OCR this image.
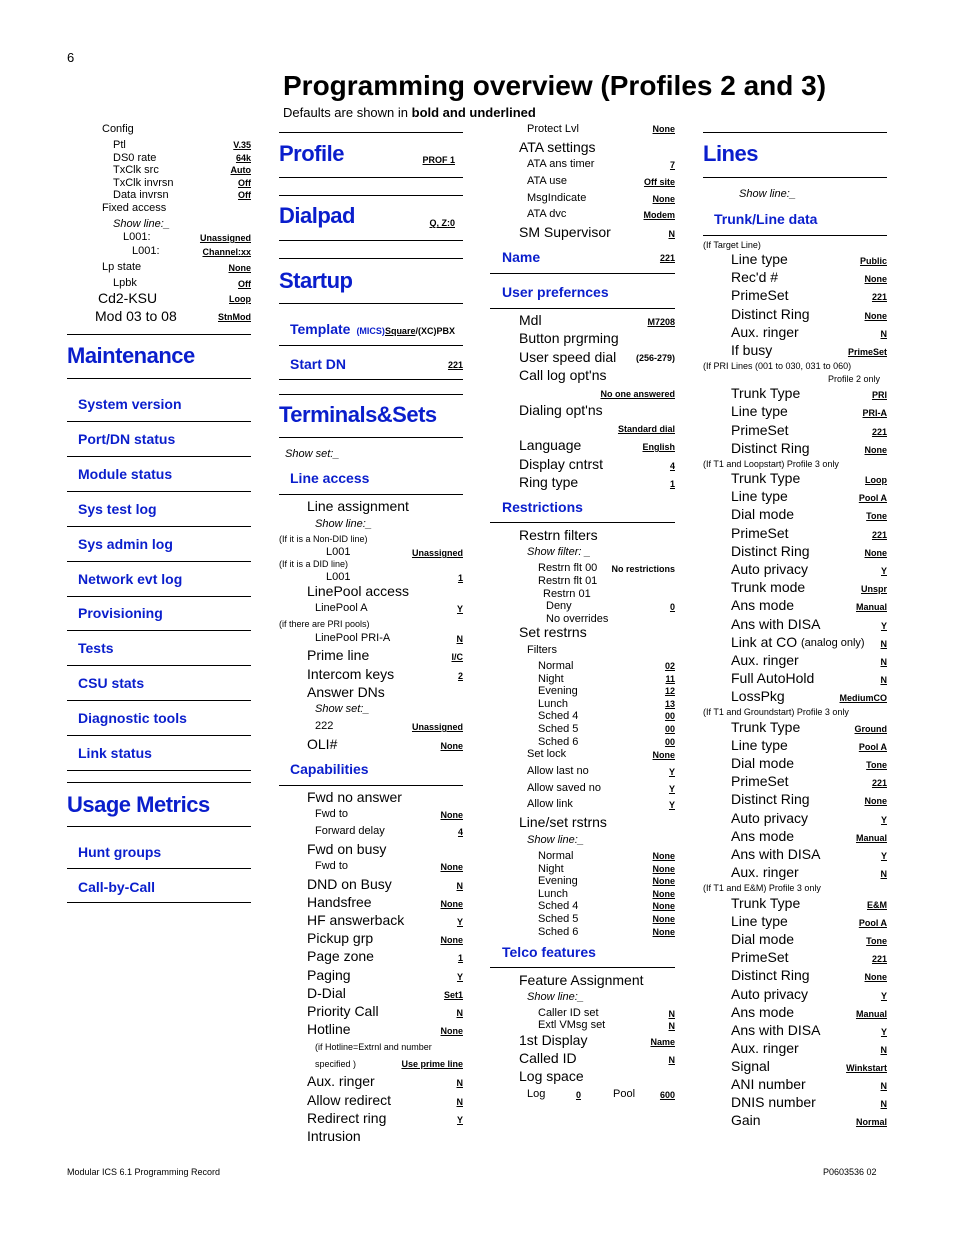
6
Programming overview (Profiles 2 and 3)
Defaults are shown in bold and underlined
Config
Ptl	V.35
DS0 rate	64k
TxClk src	Auto
TxClk invrsn	Off
Data invrsn	Off
Fixed access
Show line:_
L001:	Unassigned
L001:	Channel:xx
Lp state	None
Lpbk	Off
Cd2-KSU	Loop
Mod 03 to 08	StnMod
Maintenance
System version
Port/DN status
Module status
Sys test log
Sys admin log
Network evt log
Provisioning
Tests
CSU stats
Diagnostic tools
Link status
Usage Metrics
Hunt groups
Call-by-Call
Profile	PROF 1
Dialpad	Q, Z:0
Startup
Template (MICS)Square/(XC)PBX
Start DN	221
Terminals&Sets
Show set:_
Line access
Line assignment
Show line:_
(If it is a Non-DID line)
L001	Unassigned
(If it is a DID line)
L001	1
LinePool access
LinePool A	Y
(if there are PRI pools)
LinePool PRI-A	N
Prime line	I/C
Intercom keys	2
Answer DNs
Show set:_
222	Unassigned
OLI#	None
Capabilities
Fwd no answer
Fwd to	None
Forward delay	4
Fwd on busy
Fwd to	None
DND on Busy	N
Handsfree	None
HF answerback	Y
Pickup grp	None
Page zone	1
Paging	Y
D-Dial	Set1
Priority Call	N
Hotline	None
(if Hotline=Extrnl and number
specified )	Use prime line
Aux. ringer	N
Allow redirect	N
Redirect ring	Y
Intrusion
Protect Lvl	None
ATA settings
ATA ans timer	7
ATA use	Off site
MsgIndicate	None
ATA dvc	Modem
SM Supervisor	N
Name	221
User prefernces
Mdl	M7208
Button prgrming
User speed dial (256-279)
Call log opt'ns
No one answered
Dialing opt'ns
Standard dial
Language	English
Display cntrst	4
Ring type	1
Restrictions
Restrn filters
Show filter: _
Restrn flt 00 No restrictions
Restrn flt 01
Restrn 01
Deny	0
No overrides
Set restrns
Filters
Normal	02
Night	11
Evening	12
Lunch	13
Sched 4	00
Sched 5	00
Sched 6	00
Set lock	None
Allow last no	Y
Allow saved no	Y
Allow link	Y
Line/set rstrns
Show line:_
Normal	None
Night	None
Evening	None
Lunch	None
Sched 4	None
Sched 5	None
Sched 6	None
Telco features
Feature Assignment
Show line:_
Caller ID set	N
Extl VMsg set	N
1st Display	Name
Called ID	N
Log space
Log	0	Pool	600
Lines
Show line:_
Trunk/Line data
(If Target Line)
Line type	Public
Rec'd #	None
PrimeSet	221
Distinct Ring	None
Aux. ringer	N
If busy	PrimeSet
(If PRI Lines (001 to 030, 031 to 060)
Profile 2 only
Trunk Type	PRI
Line type	PRI-A
PrimeSet	221
Distinct Ring	None
(If T1 and Loopstart) Profile 3 only
Trunk Type	Loop
Line type	Pool A
Dial mode	Tone
PrimeSet	221
Distinct Ring	None
Auto privacy	Y
Trunk mode	Unspr
Ans mode	Manual
Ans with DISA	Y
Link at CO (analog only) N
Aux. ringer	N
Full AutoHold	N
LossPkg	MediumCO
(If T1 and Groundstart) Profile 3 only
Trunk Type	Ground
Line type	Pool A
Dial mode	Tone
PrimeSet	221
Distinct Ring	None
Auto privacy	Y
Ans mode	Manual
Ans with DISA	Y
Aux. ringer	N
(If T1 and E&M) Profile 3 only
Trunk Type	E&M
Line type	Pool A
Dial mode	Tone
PrimeSet	221
Distinct Ring	None
Auto privacy	Y
Ans mode	Manual
Ans with DISA	Y
Aux. ringer	N
Signal	Winkstart
ANI number	N
DNIS number	N
Gain	Normal
Modular ICS 6.1 Programming Record	P0603536 02
